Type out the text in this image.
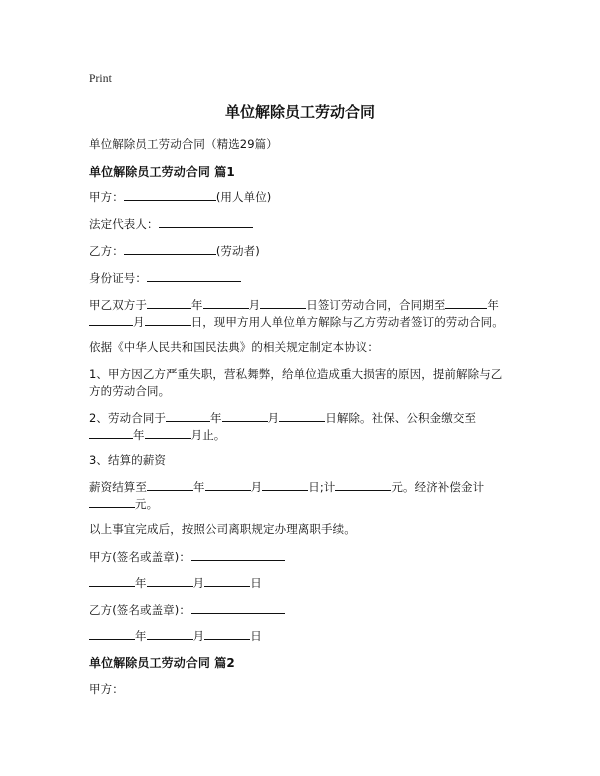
Print
单位解除员工劳动合同
单位解除员工劳动合同（精选29篇）
单位解除员工劳动合同 篇1
甲方：	(用人单位)
法定代表人：
乙方：	(劳动者)
身份证号：
甲乙双方于	年	月	日签订劳动合同，合同期至	年
月	日，现甲方用人单位单方解除与乙方劳动者签订的劳动合同。
依据《中华人民共和国民法典》的相关规定制定本协议：
1、甲方因乙方严重失职，营私舞弊，给单位造成重大损害的原因，提前解除与乙
方的劳动合同。
2、劳动合同于	年	月	日解除。社保、公积金缴交至
年	月止。
3、结算的薪资
薪资结算至	年	月	日;计	元。经济补偿金计
元。
以上事宜完成后，按照公司离职规定办理离职手续。
甲方(签名或盖章)：
年	月	日
乙方(签名或盖章)：
年	月	日
单位解除员工劳动合同 篇2
甲方：
